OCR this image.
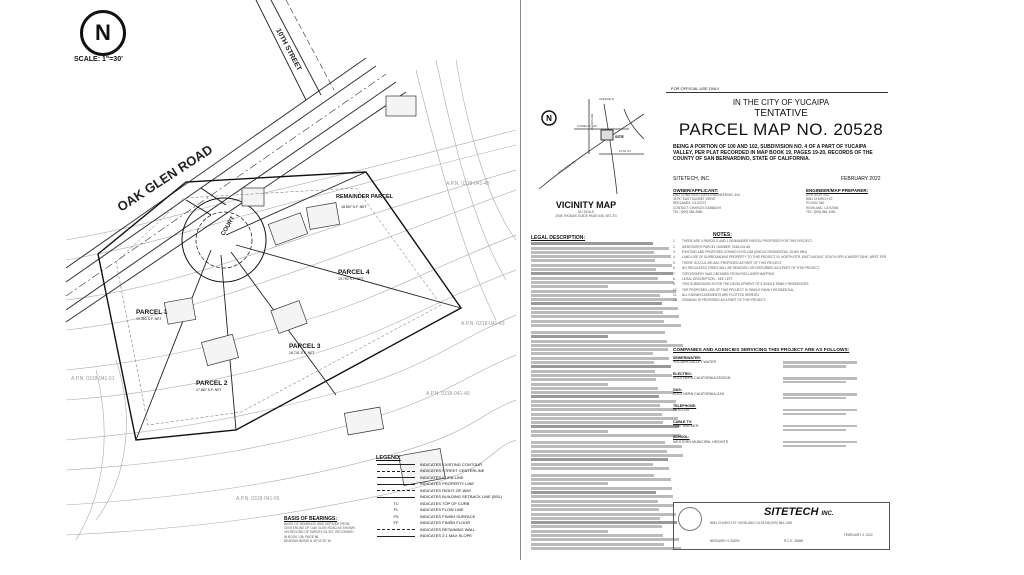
N
SCALE: 1"=30'
OAK GLEN ROAD
10TH STREET
COURT
PARCEL 1
10,353 S.F. NET
PARCEL 2
17,867 S.F. NET
PARCEL 3
16,741 S.F. NET
PARCEL 4
19,750 S.F. NET
REMAINDER PARCEL
18,597 S.F. NET
A.P.N. 0318-041-45
A.P.N. 0318-041-43
A.P.N. 0318-041-49
A.P.N. 0318-041-51
A.P.N. 0318-041-55
LEGEND:
INDICATES EXISTING CONTOUR
INDICATES STREET CENTERLINE
INDICATES CURB LINE
INDICATES PROPERTY LINE
INDICATES RIGHT-OF-WAY
INDICATES BUILDING SETBACK LINE (BSL)
TC	INDICATES TOP OF CURB
FL	INDICATES FLOW LINE
FS	INDICATES FINISH SURFACE
FF	INDICATES FINISH FLOOR
INDICATES RETAINING WALL
INDICATES 2:1 MAX SLOPE
BASIS OF BEARINGS:
BASIS OF BEARINGS WAS DERIVED FROM
CENTERLINE OF OAK GLEN ROAD AS SHOWN
ON RECORD OF SURVEY 09-307, RECORDED
IN BOOK 136, PAGE 86.
BEARING BEING N 49°41'35" W
FOR OFFICIAL USE ONLY
N
SITE
AVENUE D
OAK GLEN RD
BRYANT ST
CAMELOT DR
10TH ST
VICINITY MAP
NO SCALE
2008 THOMAS GUIDE PAGE 648, SEC E4
IN THE CITY OF YUCAIPA
TENTATIVE
PARCEL MAP NO. 20528
BEING A PORTION OF 100 AND 102, SUBDIVISION NO. 4 OF A PART OF YUCAIPA VALLEY, PER PLAT RECORDED IN MAP BOOK 19, PAGES 19-20, RECORDS OF THE COUNTY OF SAN BERNARDINO, STATE OF CALIFORNIA.
SITETECH, INC.	FEBRUARY 2022
OWNER/APPLICANT:
DALI CONSTRUCTION & ENGINEERING, INC.
35797 EAST SUNSET DRIVE
REDLANDS, CA 92373
CONTACT: CHARLES SABBAGH
TEL: (909) 583-4586
ENGINEER/MAP PREPARER:
SITETECH, INC.
8081 CHURCH ST.
PO BOX 562
HIGHLAND, CA 92346
TEL: (909) 864-1050
LEGAL DESCRIPTION:	NOTES:
1.	THERE ARE 4 PARCELS AND 1 REMAINDER PARCEL PROPOSED FOR THIS PROJECT.
2.	ASSESSOR'S PARCEL NUMBER: 0318-041-66
3.	EXISTING AND PROPOSED ZONING IS RS-10M (SINGLE RESIDENTIAL 10,000 MIN)
4.	LAND USE OF SURROUNDING PROPERTY TO THIS PROJECT IS: NORTH-RTR, EAST-VACANT, SOUTH-SFR & WATER TANK, WEST-SFR
5.	THERE IS A CUL-DE-SAC PROPOSED AS PART OF THIS PROJECT.
6.	NO REGULATED TREES WILL BE REMOVED OR DISTURBED AS A PART OF THIS PROJECT.
7.	TOPOGRAPHY WAS OBTAINED FROM RGS LASER MAPPING
8.	LEGAL DESCRIPTION - SEE LEFT.
9.	THIS SUBDIVISION IS FOR THE DEVELOPMENT OF 5 SINGLE FAMILY RESIDENCES.
10.	THE PROPOSED USE OF THIS PROJECT IS SINGLE FAMILY RESIDENTIAL.
11.	ALL KNOWN EASEMENTS ARE PLOTTED HEREON.
12.	GRADING IS PROPOSED AS A PART OF THIS PROJECT.
COMPANIES AND AGENCIES SERVICING THIS PROJECT ARE AS FOLLOWS:
SEWER/WATER:
YUCAIPA VALLEY WATER
ELECTRIC:
SOUTHERN CALIFORNIA EDISON
GAS:
SOUTHERN CALIFORNIA GAS
TELEPHONE:
VERIZON
CABLE TV:
TIME WARNER
SCHOOL:
WESTERN MUNICIPAL HEIGHTS
SITETECH INC.
8081 CHURCH ST. HIGHLAND CA 92346 (909) 864-1050
BERNARD H. BIZEK	R.C.E. 36866
FEBRUARY 4, 2022
